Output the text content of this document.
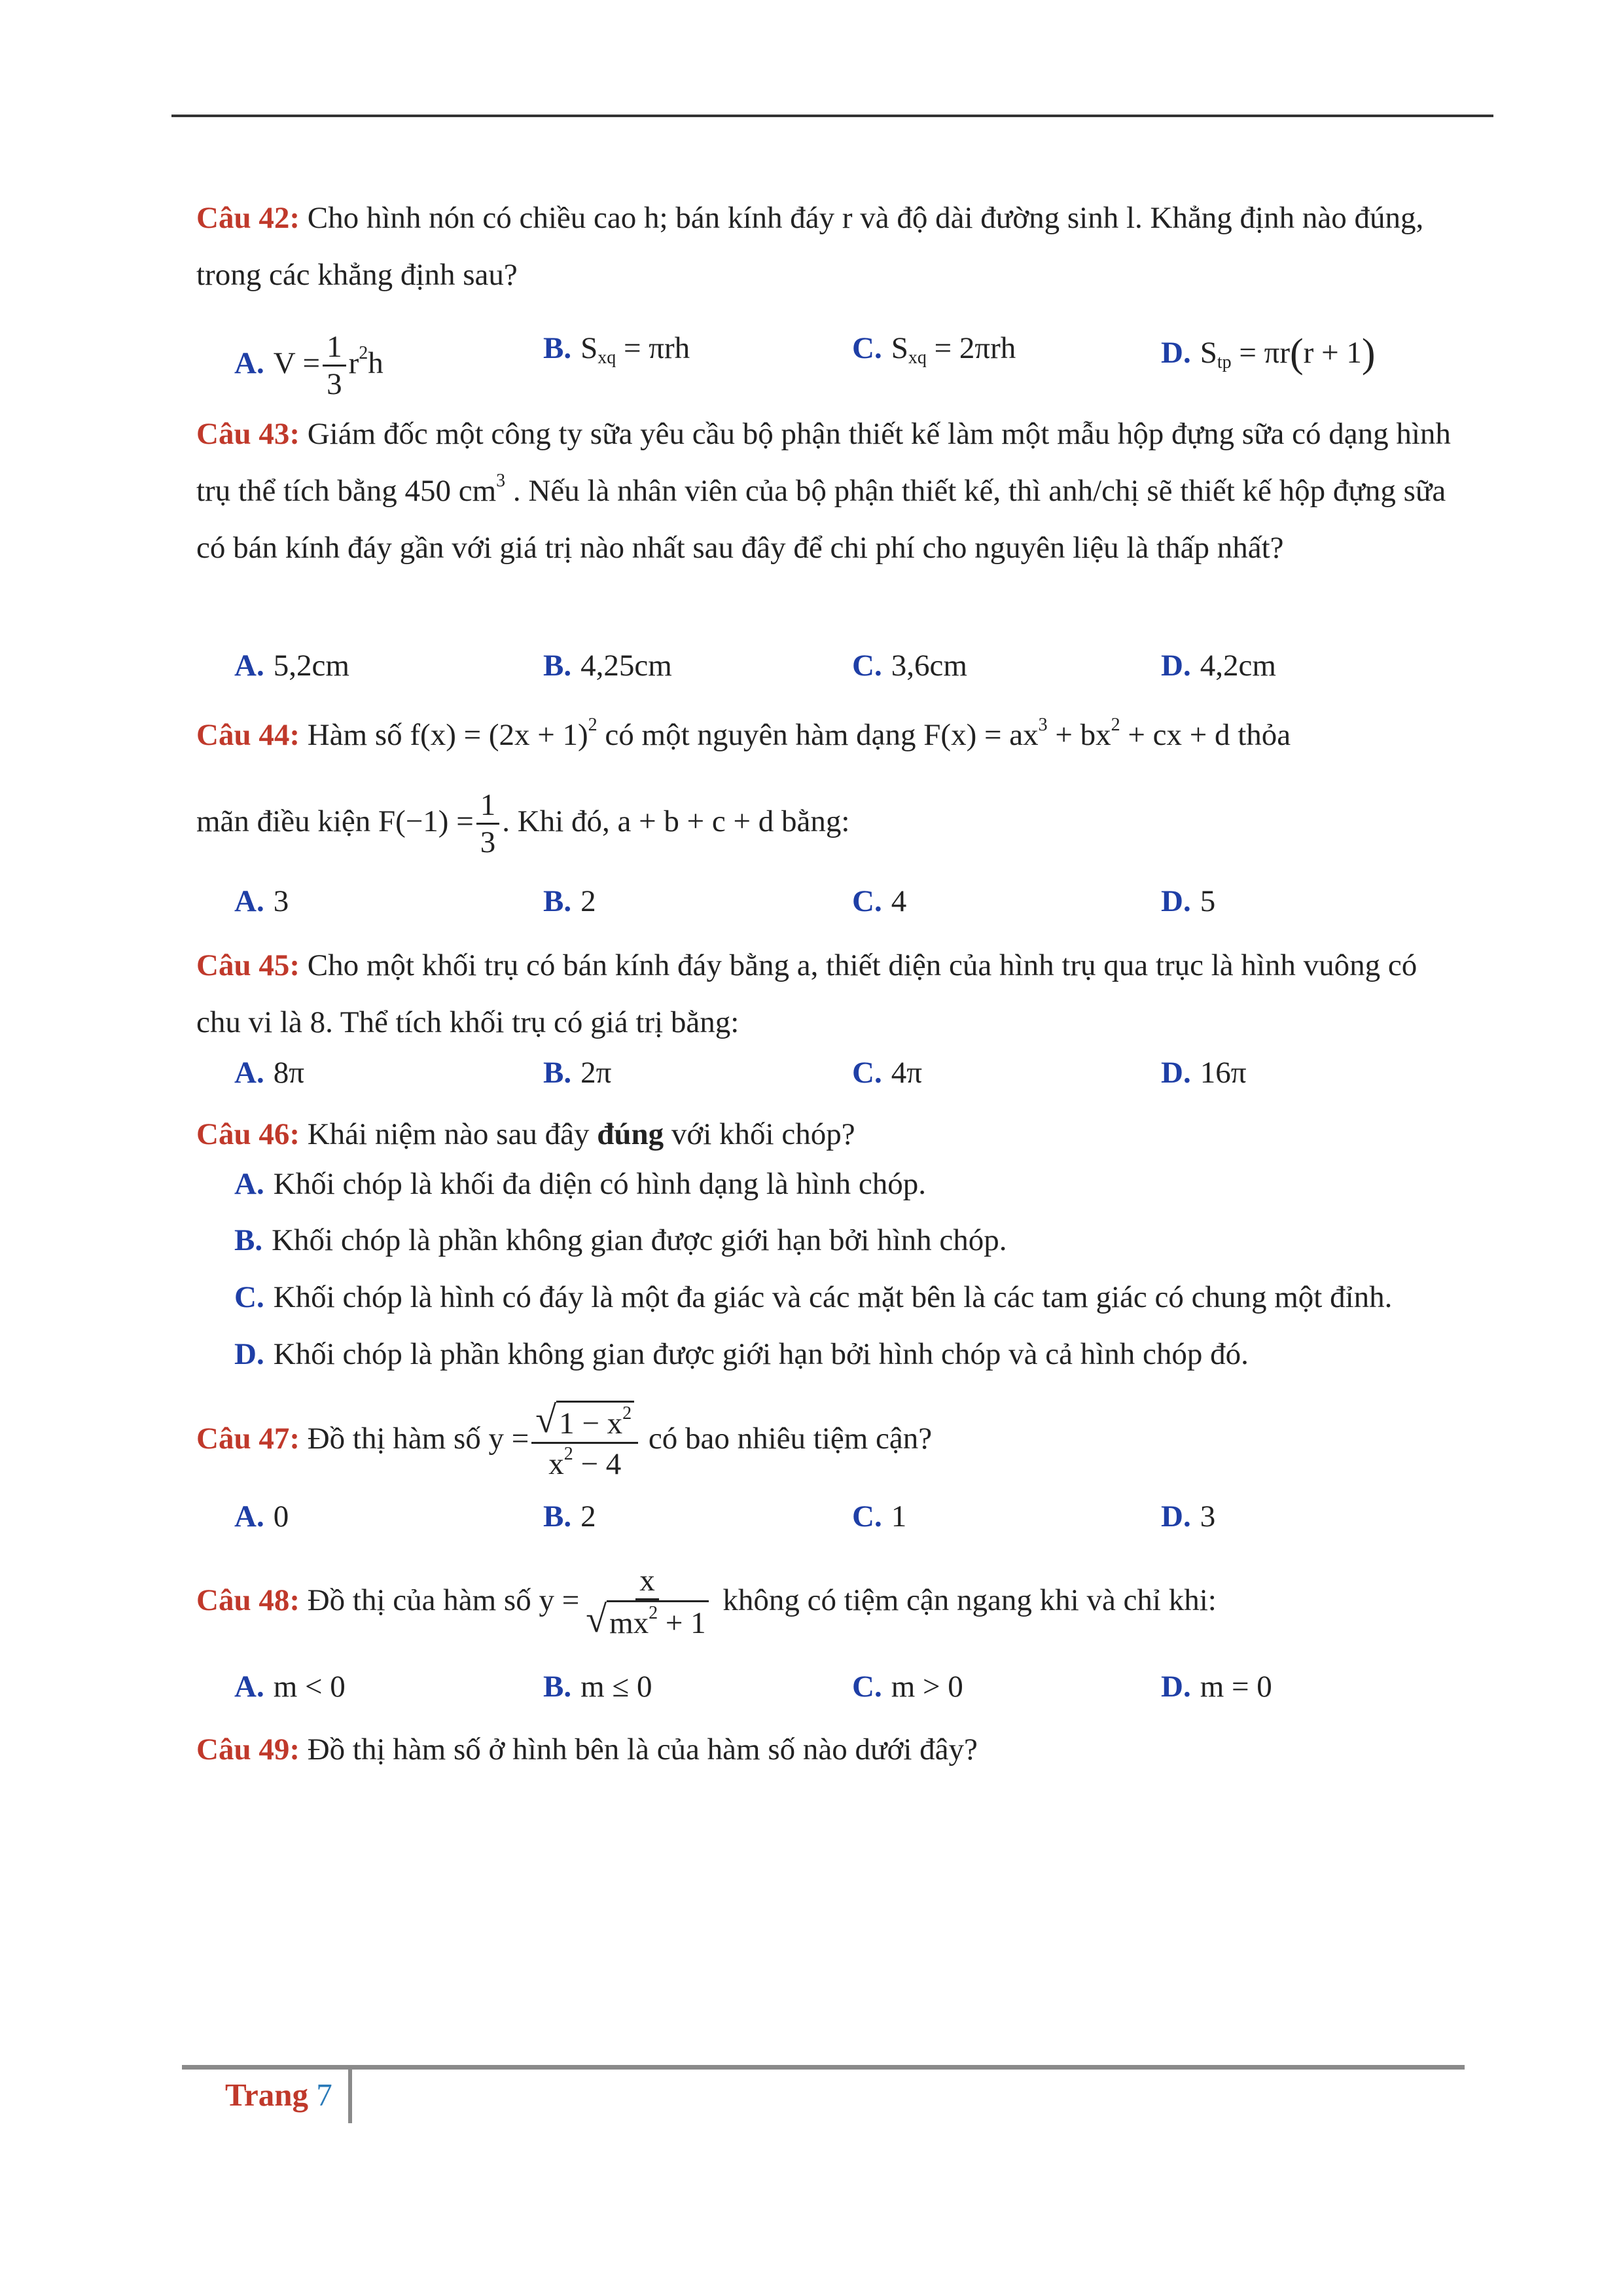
Câu 42: Cho hình nón có chiều cao h; bán kính đáy r và độ dài đường sinh l. Khẳng định nào đúng, trong các khẳng định sau?
A. $V = \frac{1}{3} r^2h$	B. $S_{xq} = \pi rh$	C. $S_{xq} = 2\pi rh$	D. $S_{tp} = \pi r(r + 1)$
Câu 43: Giám đốc một công ty sữa yêu cầu bộ phận thiết kế làm một mẫu hộp đựng sữa có dạng hình trụ thể tích bằng 450 $cm^3$ . Nếu là nhân viên của bộ phận thiết kế, thì anh/chị sẽ thiết kế hộp đựng sữa có bán kính đáy gần với giá trị nào nhất sau đây để chi phí cho nguyên liệu là thấp nhất?
A. 5,2cm	B. 4,25cm	C. 3,6cm	D. 4,2cm
Câu 44: Hàm số $f(x) = (2x + 1)^2$ có một nguyên hàm dạng $F(x) = ax^3 + bx^2$ + cx + d thỏa
mãn điều kiện $F(-1) = \frac{1}{3}$ . Khi đó, a + b + c + d bằng:
A. 3	B. 2	C. 4	D. 5
Câu 45: Cho một khối trụ có bán kính đáy bằng a, thiết diện của hình trụ qua trục là hình vuông có chu vi là 8. Thể tích khối trụ có giá trị bằng:
A. 8π	B. 2π	C. 4π	D. 16π
Câu 46: Khái niệm nào sau đây đúng với khối chóp?
A. Khối chóp là khối đa diện có hình dạng là hình chóp.
B. Khối chóp là phần không gian được giới hạn bởi hình chóp.
C. Khối chóp là hình có đáy là một đa giác và các mặt bên là các tam giác có chung một đỉnh.
D. Khối chóp là phần không gian được giới hạn bởi hình chóp và cả hình chóp đó.
Câu 47: Đồ thị hàm số $y = \frac{√ 1 - x^2}{x^2 - 4}$ có bao nhiêu tiệm cận?
A. 0	B. 2	C. 1	D. 3
Câu 48: Đồ thị của hàm số $y = \frac{x}{√ mx^2 + 1}$ không có tiệm cận ngang khi và chỉ khi:
A. m < 0	B. m ≤ 0	C. m > 0	D. m = 0
Câu 49: Đồ thị hàm số ở hình bên là của hàm số nào dưới đây?
Trang 7
